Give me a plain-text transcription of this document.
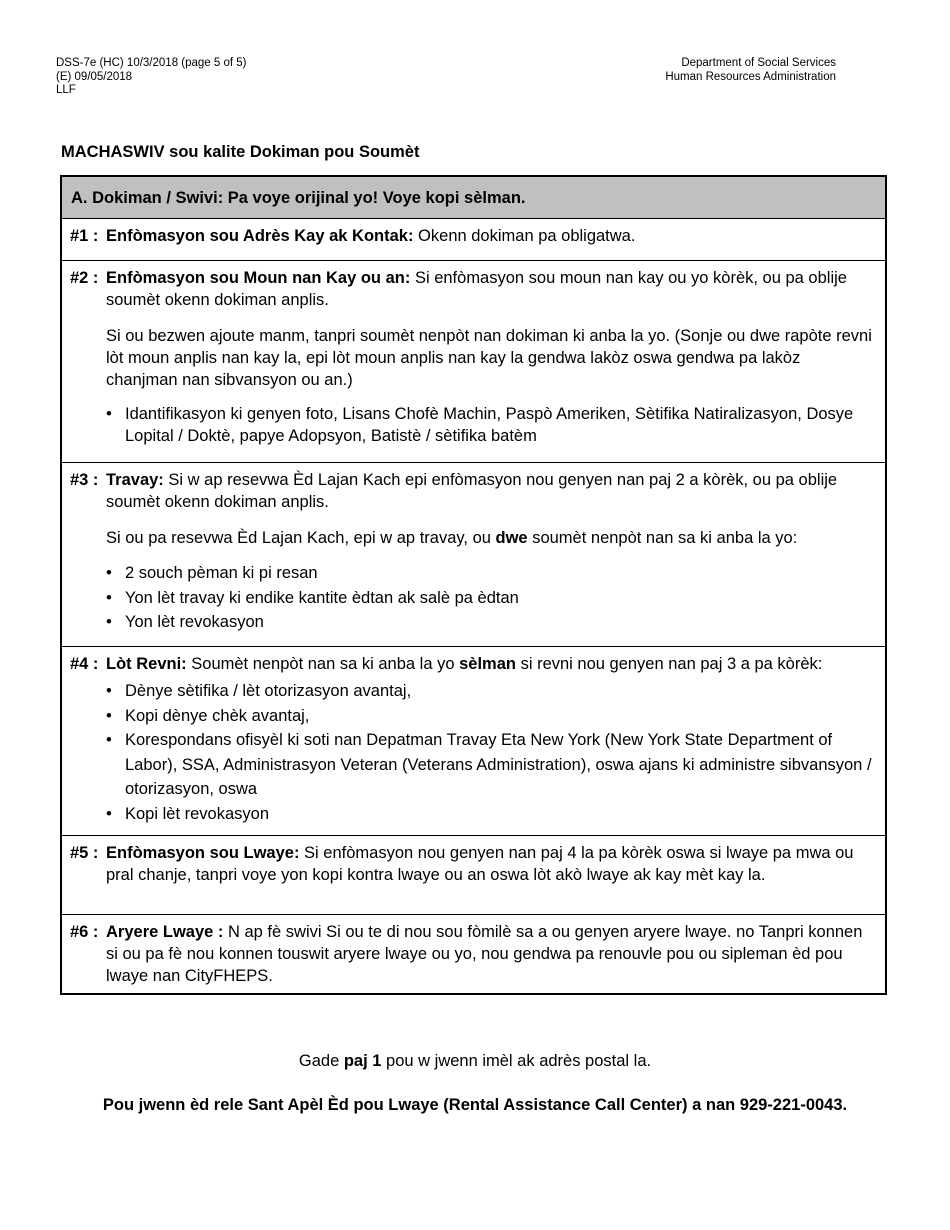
DSS-7e (HC) 10/3/2018 (page 5 of 5)
(E) 09/05/2018
LLF
Department of Social Services
Human Resources Administration
MACHASWIV sou kalite Dokiman pou Soumèt
A. Dokiman / Swivi: Pa voye orijinal yo! Voye kopi sèlman.
#1 : Enfòmasyon sou Adrès Kay ak Kontak: Okenn dokiman pa obligatwa.

#2 : Enfòmasyon sou Moun nan Kay ou an: Si enfòmasyon sou moun nan kay ou yo kòrèk, ou pa oblije soumèt okenn dokiman anplis.

Si ou bezwen ajoute manm, tanpri soumèt nenpòt nan dokiman ki anba la yo. (Sonje ou dwe rapòte revni lòt moun anplis nan kay la, epi lòt moun anplis nan kay la gendwa lakòz oswa gendwa pa lakòz chanjman nan sibvansyon ou an.)

• Idantifikasyon ki genyen foto, Lisans Chofè Machin, Paspò Ameriken, Sètifika Natiralizasyon, Dosye Lopital / Doktè, papye Adopsyon, Batistè / sètifika batèm
#3 : Travay: Si w ap resevwa Èd Lajan Kach epi enfòmasyon nou genyen nan paj 2 a kòrèk, ou pa oblije soumèt okenn dokiman anplis.

Si ou pa resevwa Èd Lajan Kach, epi w ap travay, ou dwe soumèt nenpòt nan sa ki anba la yo:

• 2 souch pèman ki pi resan
• Yon lèt travay ki endike kantite èdtan ak salè pa èdtan
• Yon lèt revokasyon
#4 : Lòt Revni: Soumèt nenpòt nan sa ki anba la yo sèlman si revni nou genyen nan paj 3 a pa kòrèk:

• Dènye sètifika / lèt otorizasyon avantaj,
• Kopi dènye chèk avantaj,
• Korespondans ofisyèl ki soti nan Depatman Travay Eta New York (New York State Department of Labor), SSA, Administrasyon Veteran (Veterans Administration), oswa ajans ki administre sibvansyon / otorizasyon, oswa
• Kopi lèt revokasyon
#5 : Enfòmasyon sou Lwaye: Si enfòmasyon nou genyen nan paj 4 la pa kòrèk oswa si lwaye pa mwa ou pral chanje, tanpri voye yon kopi kontra lwaye ou an oswa lòt akò lwaye ak kay mèt kay la.

#6 : Aryere Lwaye : N ap fè swivi Si ou te di nou sou fòmilè sa a ou genyen aryere lwaye. no Tanpri konnen si ou pa fè nou konnen touswit aryere lwaye ou yo, nou gendwa pa renouvle pou ou sipleman èd pou lwaye nan CityFHEPS.

Gade paj 1 pou w jwenn imèl ak adrès postal la.
Pou jwenn èd rele Sant Apèl Èd pou Lwaye (Rental Assistance Call Center) a nan 929-221-0043.
